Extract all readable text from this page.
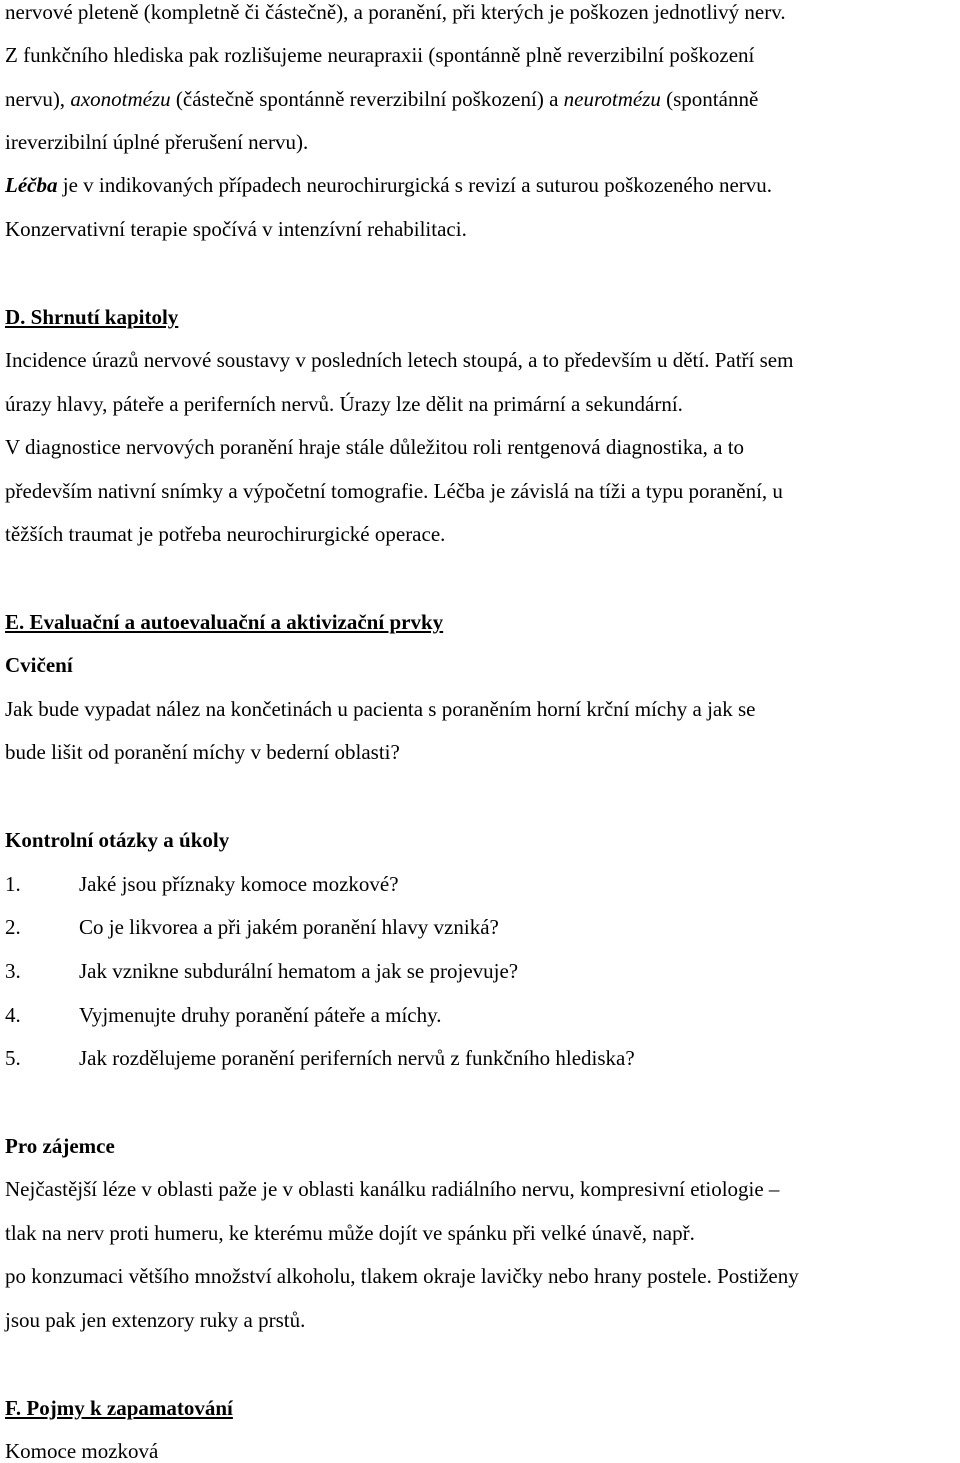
nervové pleteně (kompletně či částečně), a poranění, při kterých je poškozen jednotlivý nerv.
Z funkčního hlediska pak rozlišujeme neurapraxii (spontánně plně reverzibilní poškození
nervu), axonotmézu (částečně spontánně reverzibilní poškození) a neurotmézu (spontánně
ireverzibilní úplné přerušení nervu).
Léčba je v indikovaných případech neurochirurgická s revizí a suturou poškozeného nervu.
Konzervativní terapie spočívá v intenzívní rehabilitaci.
D. Shrnutí kapitoly
Incidence úrazů nervové soustavy v posledních letech stoupá, a to především u dětí. Patří sem
úrazy hlavy, páteře a periferních nervů. Úrazy lze dělit na primární a sekundární.
V diagnostice nervových poranění hraje stále důležitou roli rentgenová diagnostika, a to
především nativní snímky a výpočetní tomografie. Léčba je závislá na tíži a typu poranění, u
těžších traumat je potřeba neurochirurgické operace.
E. Evaluační a autoevaluační a aktivizační prvky
Cvičení
Jak bude vypadat nález na končetinách u pacienta s poraněním horní krční míchy a jak se
bude lišit od poranění míchy v bederní oblasti?
Kontrolní otázky a úkoly
1.	Jaké jsou příznaky komoce mozkové?
2.	Co je likvorea a při jakém poranění hlavy vzniká?
3.	Jak vznikne subdurální hematom a jak se projevuje?
4.	Vyjmenujte druhy poranění páteře a míchy.
5.	Jak rozdělujeme poranění periferních nervů z funkčního hlediska?
Pro zájemce
Nejčastější léze v oblasti paže je v oblasti kanálku radiálního nervu, kompresivní etiologie –
tlak na nerv proti humeru, ke kterému může dojít ve spánku při velké únavě, např.
po konzumaci většího množství alkoholu, tlakem okraje lavičky nebo hrany postele. Postiženy
jsou pak jen extenzory ruky a prstů.
F. Pojmy k zapamatování
Komoce mozková
